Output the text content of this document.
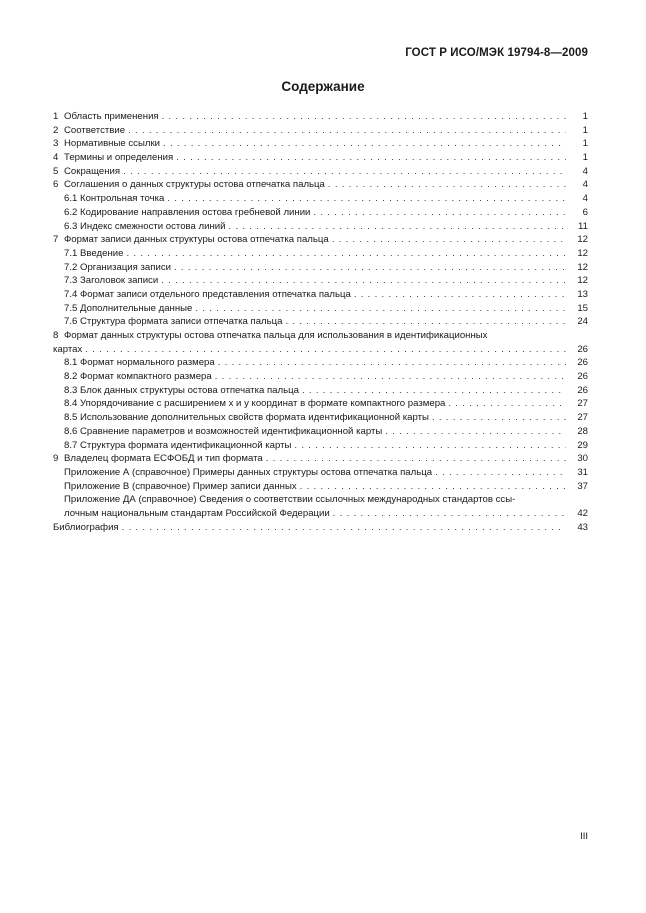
ГОСТ Р ИСО/МЭК 19794-8—2009
Содержание
1 Область применения . . .	1
2 Соответствие . . .	1
3 Нормативные ссылки . . .	1
4 Термины и определения . . .	1
5 Сокращения . . .	4
6 Соглашения о данных структуры остова отпечатка пальца . . .	4
6.1 Контрольная точка . . .	4
6.2 Кодирование направления остова гребневой линии . . .	6
6.3 Индекс смежности остова линий . . .	11
7 Формат записи данных структуры остова отпечатка пальца . . .	12
7.1 Введение . . .	12
7.2 Организация записи . . .	12
7.3 Заголовок записи . . .	12
7.4 Формат записи отдельного представления отпечатка пальца . . .	13
7.5 Дополнительные данные . . .	15
7.6 Структура формата записи отпечатка пальца . . .	24
8 Формат данных структуры остова отпечатка пальца для использования в идентификационных
картах . . .	26
8.1 Формат нормального размера . . .	26
8.2 Формат компактного размера . . .	26
8.3 Блок данных структуры остова отпечатка пальца . . .	26
8.4 Упорядочивание с расширением x и y координат в формате компактного размера . . .	27
8.5 Использование дополнительных свойств формата идентификационной карты . . .	27
8.6 Сравнение параметров и возможностей идентификационной карты . . .	28
8.7 Структура формата идентификационной карты . . .	29
9 Владелец формата ЕСФОБД и тип формата . . .	30
Приложение А (справочное) Примеры данных структуры остова отпечатка пальца . . .	31
Приложение В (справочное) Пример записи данных . . .	37
Приложение ДА (справочное) Сведения о соответствии ссылочных международных стандартов ссы-
лочным национальным стандартам Российской Федерации . . .	42
Библиография . . .	43
III
